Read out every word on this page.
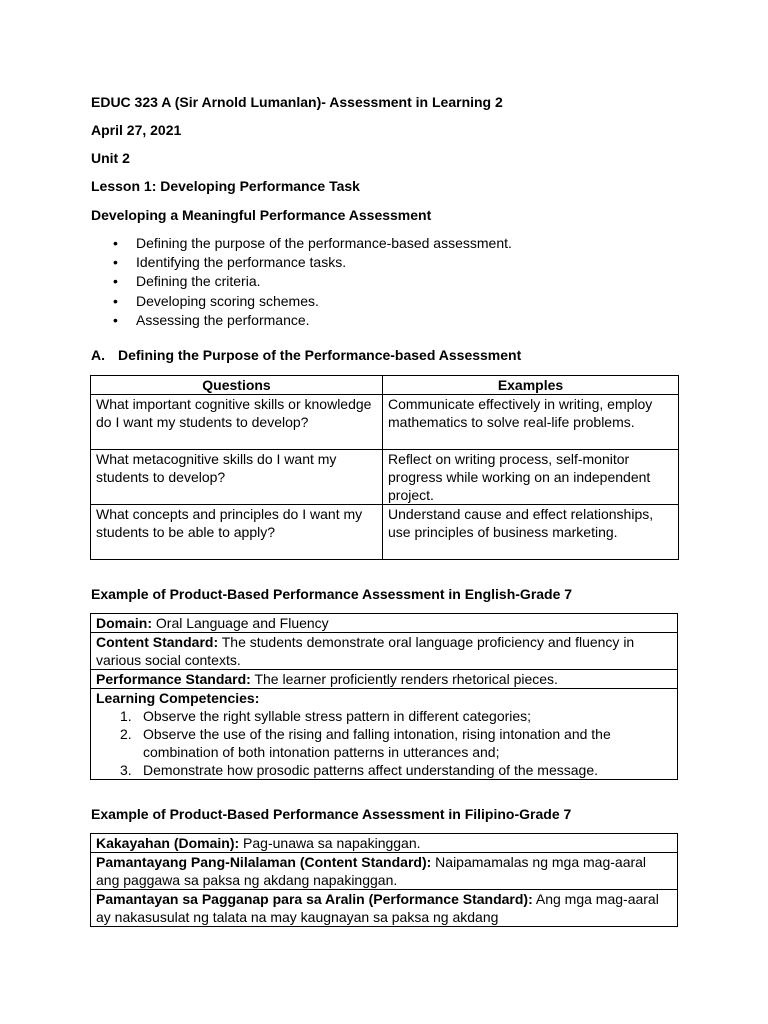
EDUC 323 A (Sir Arnold Lumanlan)- Assessment in Learning 2

April 27, 2021

Unit 2

Lesson 1: Developing Performance Task

Developing a Meaningful Performance Assessment

• Defining the purpose of the performance-based assessment.
• Identifying the performance tasks.
• Defining the criteria.
• Developing scoring schemes.
• Assessing the performance.

A. Defining the Purpose of the Performance-based Assessment

Questions	Examples
What important cognitive skills or knowledge do I want my students to develop?	Communicate effectively in writing, employ mathematics to solve real-life problems.
What metacognitive skills do I want my students to develop?	Reflect on writing process, self-monitor progress while working on an independent project.
What concepts and principles do I want my students to be able to apply?	Understand cause and effect relationships, use principles of business marketing.

Example of Product-Based Performance Assessment in English-Grade 7

Domain: Oral Language and Fluency
Content Standard: The students demonstrate oral language proficiency and fluency in various social contexts.
Performance Standard: The learner proficiently renders rhetorical pieces.
Learning Competencies:
1. Observe the right syllable stress pattern in different categories;
2. Observe the use of the rising and falling intonation, rising intonation and the combination of both intonation patterns in utterances and;
3. Demonstrate how prosodic patterns affect understanding of the message.

Example of Product-Based Performance Assessment in Filipino-Grade 7

Kakayahan (Domain): Pag-unawa sa napakinggan.
Pamantayang Pang-Nilalaman (Content Standard): Naipamamalas ng mga mag-aaral ang paggawa sa paksa ng akdang napakinggan.
Pamantayan sa Pagganap para sa Aralin (Performance Standard): Ang mga mag-aaral ay nakasusulat ng talata na may kaugnayan sa paksa ng akdang
